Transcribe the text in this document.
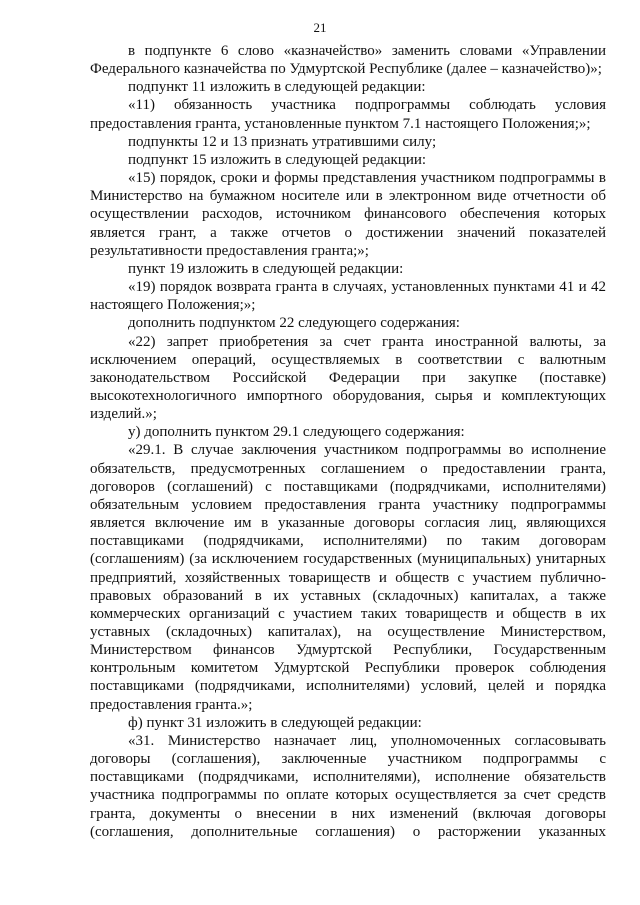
21

в подпункте 6 слово «казначейство» заменить словами «Управлении Федерального казначейства по Удмуртской Республике (далее – казначейство)»;

подпункт 11 изложить в следующей редакции:

«11) обязанность участника подпрограммы соблюдать условия предоставления гранта, установленные пунктом 7.1 настоящего Положения;»;

подпункты 12 и 13 признать утратившими силу;

подпункт 15 изложить в следующей редакции:

«15) порядок, сроки и формы представления участником подпрограммы в Министерство на бумажном носителе или в электронном виде отчетности об осуществлении расходов, источником финансового обеспечения которых является грант, а также отчетов о достижении значений показателей результативности предоставления гранта;»;

пункт 19 изложить в следующей редакции:

«19) порядок возврата гранта в случаях, установленных пунктами 41 и 42 настоящего Положения;»;

дополнить подпунктом 22 следующего содержания:

«22) запрет приобретения за счет гранта иностранной валюты, за исключением операций, осуществляемых в соответствии с валютным законодательством Российской Федерации при закупке (поставке) высокотехнологичного импортного оборудования, сырья и комплектующих изделий.»;

у) дополнить пунктом 29.1 следующего содержания:

«29.1. В случае заключения участником подпрограммы во исполнение обязательств, предусмотренных соглашением о предоставлении гранта, договоров (соглашений) с поставщиками (подрядчиками, исполнителями) обязательным условием предоставления гранта участнику подпрограммы является включение им в указанные договоры согласия лиц, являющихся поставщиками (подрядчиками, исполнителями) по таким договорам (соглашениям) (за исключением государственных (муниципальных) унитарных предприятий, хозяйственных товариществ и обществ с участием публично-правовых образований в их уставных (складочных) капиталах, а также коммерческих организаций с участием таких товариществ и обществ в их уставных (складочных) капиталах), на осуществление Министерством, Министерством финансов Удмуртской Республики, Государственным контрольным комитетом Удмуртской Республики проверок соблюдения поставщиками (подрядчиками, исполнителями) условий, целей и порядка предоставления гранта.»;

ф) пункт 31 изложить в следующей редакции:

«31. Министерство назначает лиц, уполномоченных согласовывать договоры (соглашения), заключенные участником подпрограммы с поставщиками (подрядчиками, исполнителями), исполнение обязательств участника подпрограммы по оплате которых осуществляется за счет средств гранта, документы о внесении в них изменений (включая договоры (соглашения, дополнительные соглашения) о расторжении указанных
